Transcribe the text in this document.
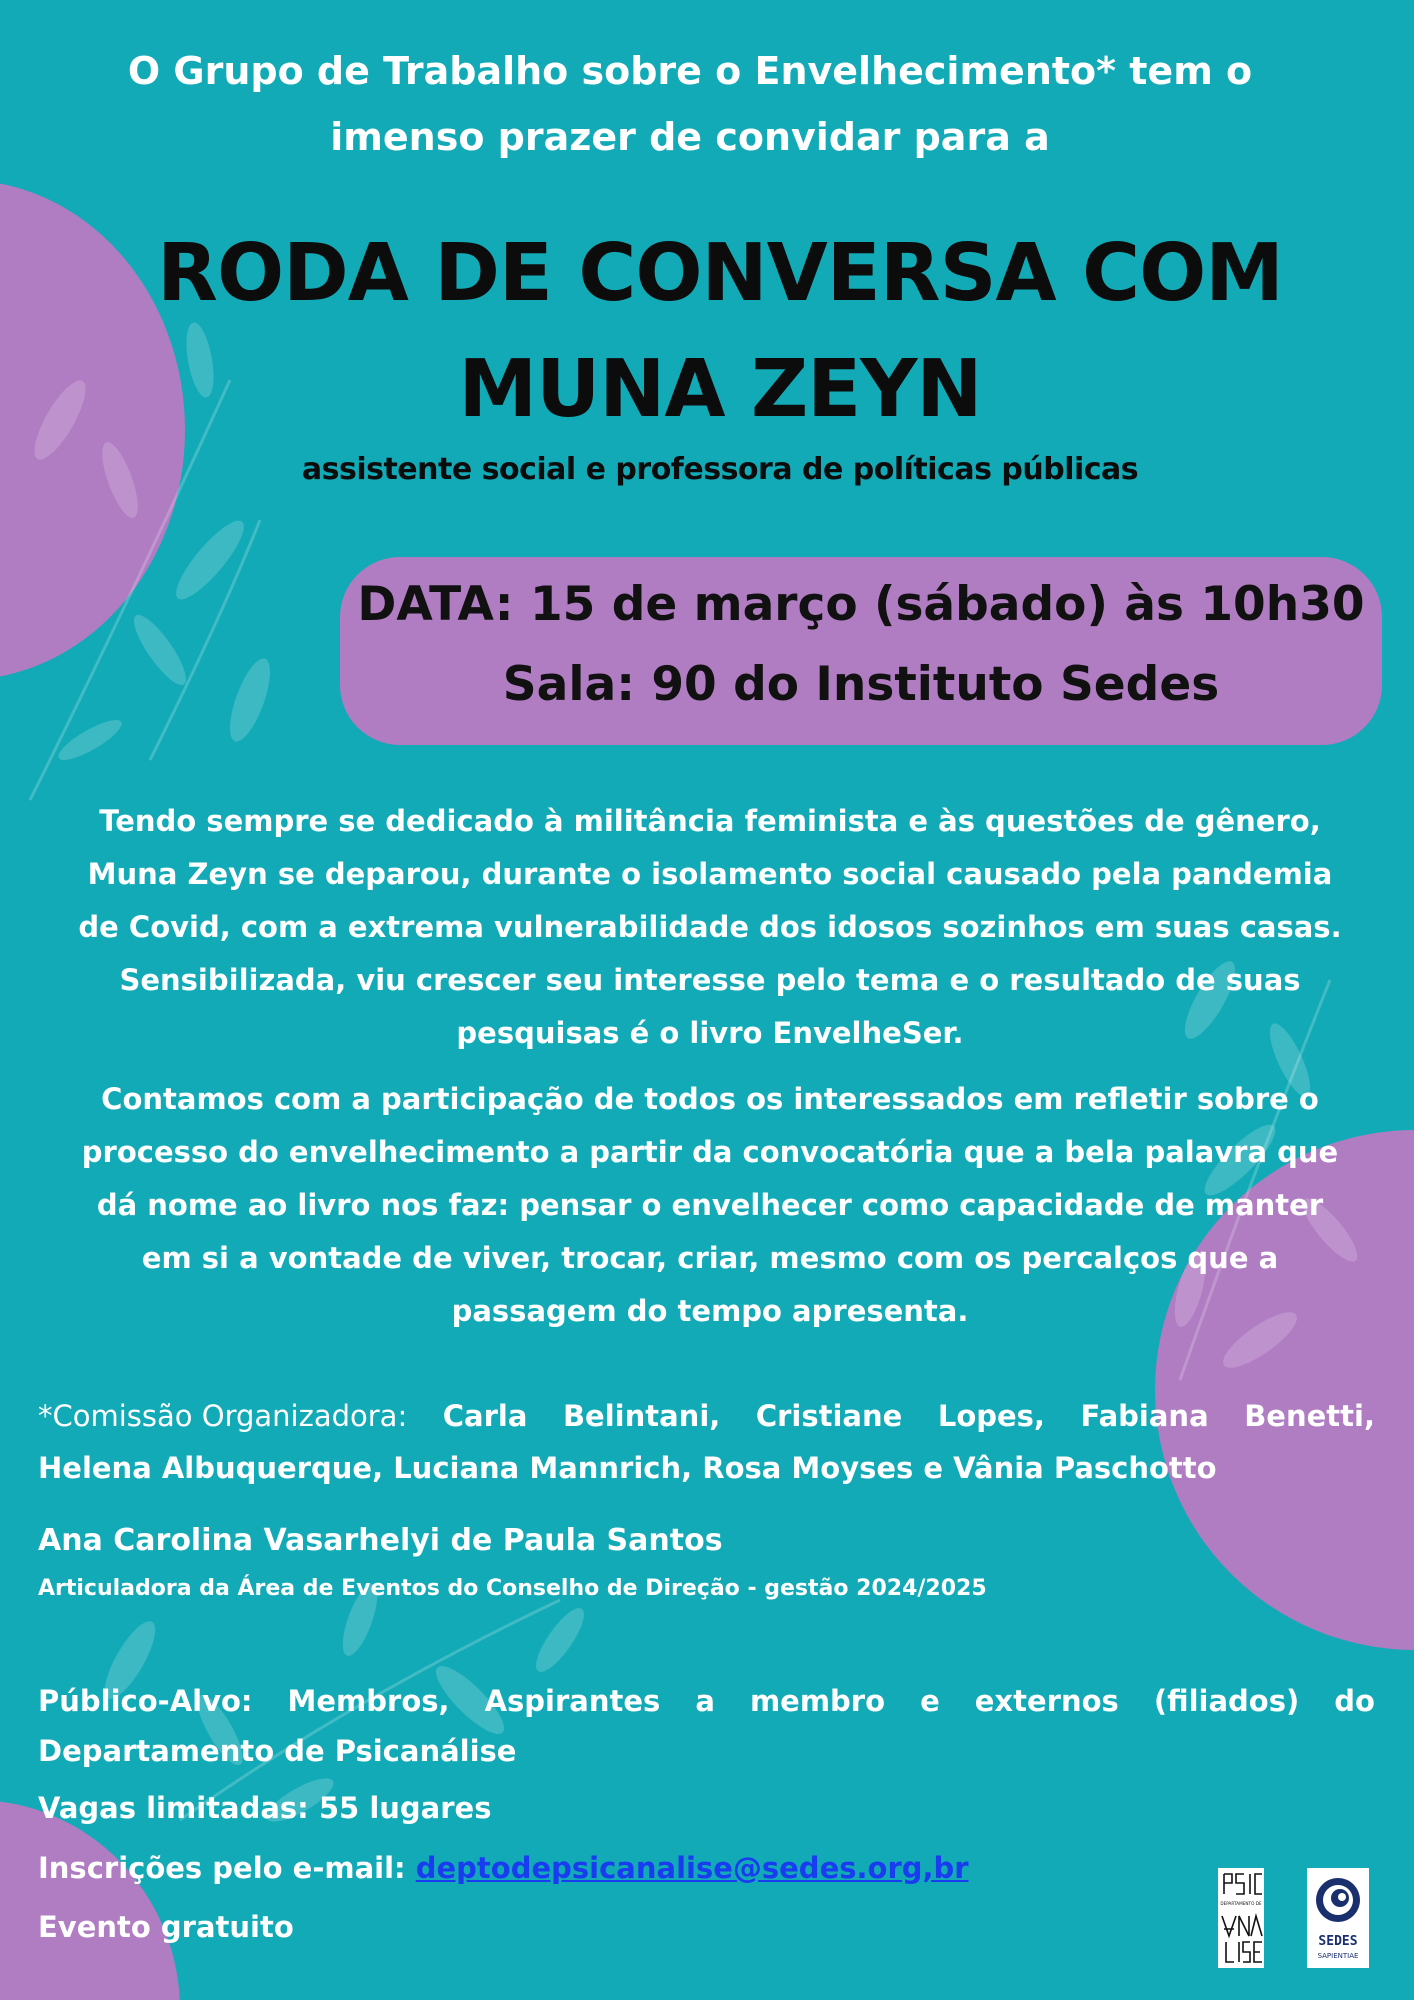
O Grupo de Trabalho sobre o Envelhecimento* tem o
imenso prazer de convidar para a
RODA DE CONVERSA COM
MUNA ZEYN
assistente social e professora de políticas públicas
DATA: 15 de março (sábado) às 10h30
Sala: 90 do Instituto Sedes
Tendo sempre se dedicado à militância feminista e às questões de gênero,
Muna Zeyn se deparou, durante o isolamento social causado pela pandemia
de Covid, com a extrema vulnerabilidade dos idosos sozinhos em suas casas.
Sensibilizada, viu crescer seu interesse pelo tema e o resultado de suas
pesquisas é o livro EnvelheSer.
Contamos com a participação de todos os interessados em refletir sobre o
processo do envelhecimento a partir da convocatória que a bela palavra que
dá nome ao livro nos faz: pensar o envelhecer como capacidade de manter
em si a vontade de viver, trocar, criar, mesmo com os percalços que a
passagem do tempo apresenta.
*Comissão Organizadora: Carla Belintani, Cristiane Lopes, Fabiana Benetti,
Helena Albuquerque, Luciana Mannrich, Rosa Moyses e Vânia Paschotto
Ana Carolina Vasarhelyi de Paula Santos
Articuladora da Área de Eventos do Conselho de Direção - gestão 2024/2025
Público-Alvo: Membros, Aspirantes a membro e externos (filiados) do
Departamento de Psicanálise
Vagas limitadas: 55 lugares
Inscrições pelo e-mail: deptodepsicanalise@sedes.org,br
Evento gratuito
DEPARTAMENTO DE
SEDES
SAPIENTIAE
